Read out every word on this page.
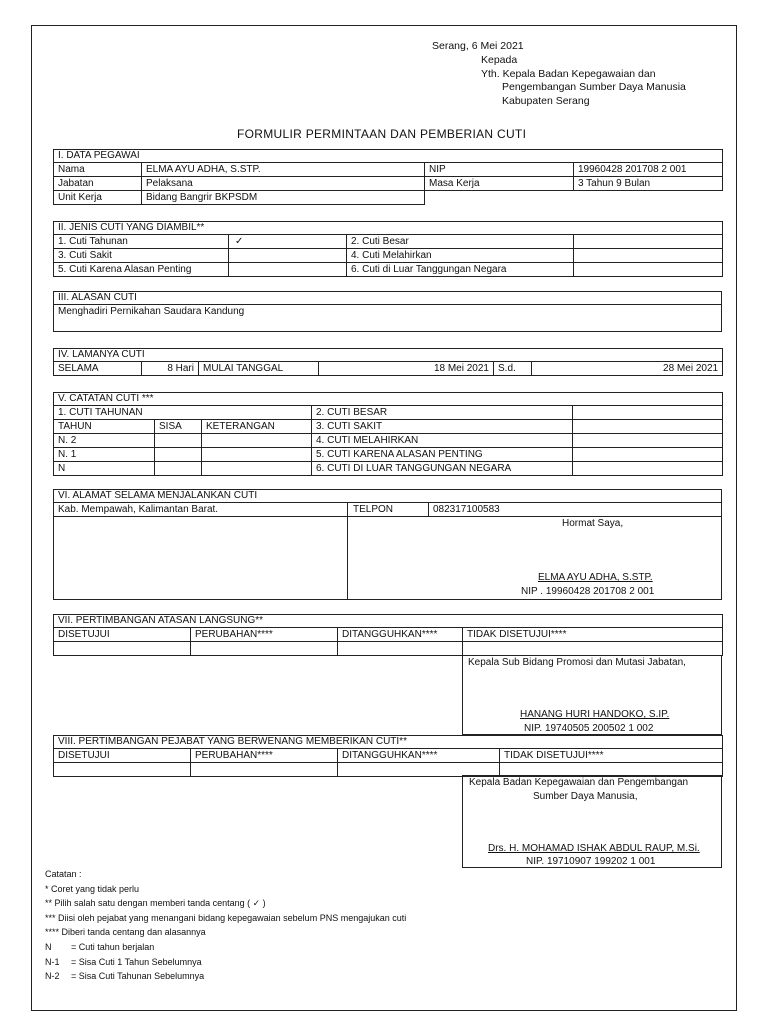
Serang, 6 Mei 2021
Kepada
Yth. Kepala Badan Kepegawaian dan
Pengembangan Sumber Daya Manusia
Kabupaten Serang
FORMULIR PERMINTAAN DAN PEMBERIAN CUTI
I. DATA PEGAWAI			
Nama	ELMA AYU ADHA, S.STP.	NIP	19960428 201708 2 001
Jabatan	Pelaksana	Masa Kerja	3 Tahun 9 Bulan
Unit Kerja	Bidang Bangrir BKPSDM		
II. JENIS CUTI YANG DIAMBIL**			
1. Cuti Tahunan	✓	2. Cuti Besar	
3. Cuti Sakit		4. Cuti Melahirkan	
5. Cuti Karena Alasan Penting		6. Cuti di Luar Tanggungan Negara	
III. ALASAN CUTI
Menghadiri Pernikahan Saudara Kandung
IV. LAMANYA CUTI
SELAMA	8 Hari	MULAI TANGGAL	18 Mei 2021	S.d.	28 Mei 2021
V. CATATAN CUTI ***				
1. CUTI TAHUNAN			2. CUTI BESAR	
TAHUN	SISA	KETERANGAN	3. CUTI SAKIT	
N. 2			4. CUTI MELAHIRKAN	
N. 1			5. CUTI KARENA ALASAN PENTING	
N			6. CUTI DI LUAR TANGGUNGAN NEGARA	
VI. ALAMAT SELAMA MENJALANKAN CUTI
Kab. Mempawah, Kalimantan Barat.	TELPON	082317100583
Hormat Saya,
ELMA AYU ADHA, S.STP.
NIP . 19960428 201708 2 001
VII. PERTIMBANGAN ATASAN LANGSUNG**			
DISETUJUI	PERUBAHAN****	DITANGGUHKAN****	TIDAK DISETUJUI****

Kepala Sub Bidang Promosi dan Mutasi Jabatan,
HANANG HURI HANDOKO, S.IP.
NIP. 19740505 200502 1 002
VIII. PERTIMBANGAN PEJABAT YANG BERWENANG MEMBERIKAN CUTI**			
DISETUJUI	PERUBAHAN****	DITANGGUHKAN****	TIDAK DISETUJUI****

Kepala Badan Kepegawaian dan Pengembangan
Sumber Daya Manusia,
Drs. H. MOHAMAD ISHAK ABDUL RAUP, M.Si.
NIP. 19710907 199202 1 001
Catatan :
* Coret yang tidak perlu
** Pilih salah satu dengan memberi tanda centang ( ✓ )
*** Diisi oleh pejabat yang menangani bidang kepegawaian sebelum PNS mengajukan cuti
**** Diberi tanda centang dan alasannya
N = Cuti tahun berjalan
N-1 = Sisa Cuti 1 Tahun Sebelumnya
N-2 = Sisa Cuti Tahunan Sebelumnya
